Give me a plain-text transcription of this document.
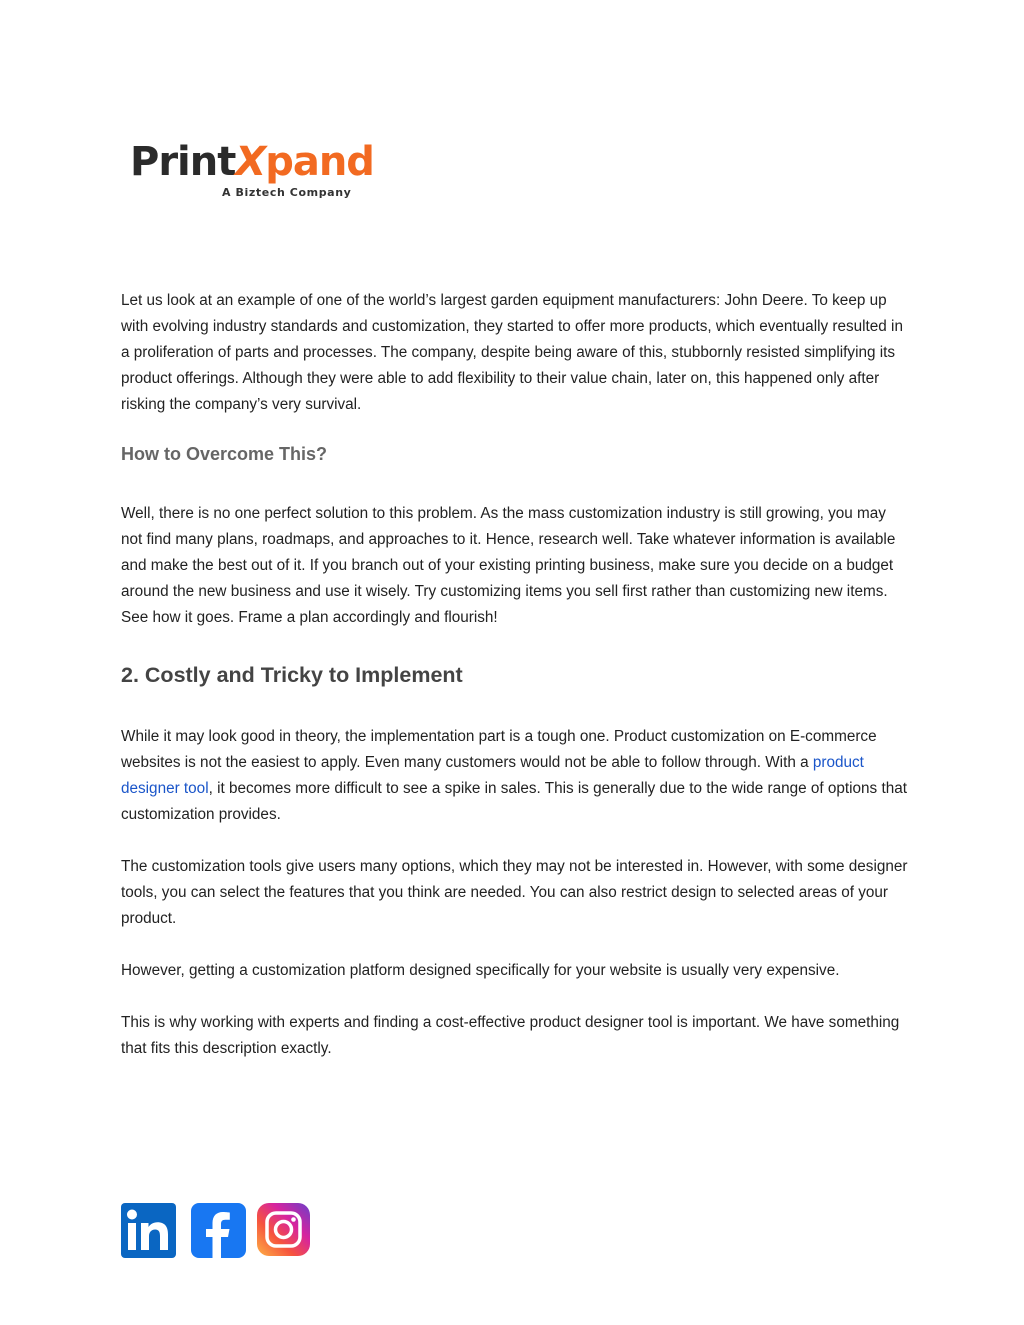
PrintXpand
A Biztech Company

Let us look at an example of one of the world’s largest garden equipment manufacturers: John Deere. To keep up with evolving industry standards and customization, they started to offer more products, which eventually resulted in a proliferation of parts and processes. The company, despite being aware of this, stubbornly resisted simplifying its product offerings. Although they were able to add flexibility to their value chain, later on, this happened only after risking the company’s very survival.

How to Overcome This?

Well, there is no one perfect solution to this problem. As the mass customization industry is still growing, you may not find many plans, roadmaps, and approaches to it. Hence, research well. Take whatever information is available and make the best out of it. If you branch out of your existing printing business, make sure you decide on a budget around the new business and use it wisely. Try customizing items you sell first rather than customizing new items. See how it goes. Frame a plan accordingly and flourish!

2. Costly and Tricky to Implement

While it may look good in theory, the implementation part is a tough one. Product customization on E-commerce websites is not the easiest to apply. Even many customers would not be able to follow through. With a product designer tool, it becomes more difficult to see a spike in sales. This is generally due to the wide range of options that customization provides.

The customization tools give users many options, which they may not be interested in. However, with some designer tools, you can select the features that you think are needed. You can also restrict design to selected areas of your product.

However, getting a customization platform designed specifically for your website is usually very expensive.

This is why working with experts and finding a cost-effective product designer tool is important. We have something that fits this description exactly.
